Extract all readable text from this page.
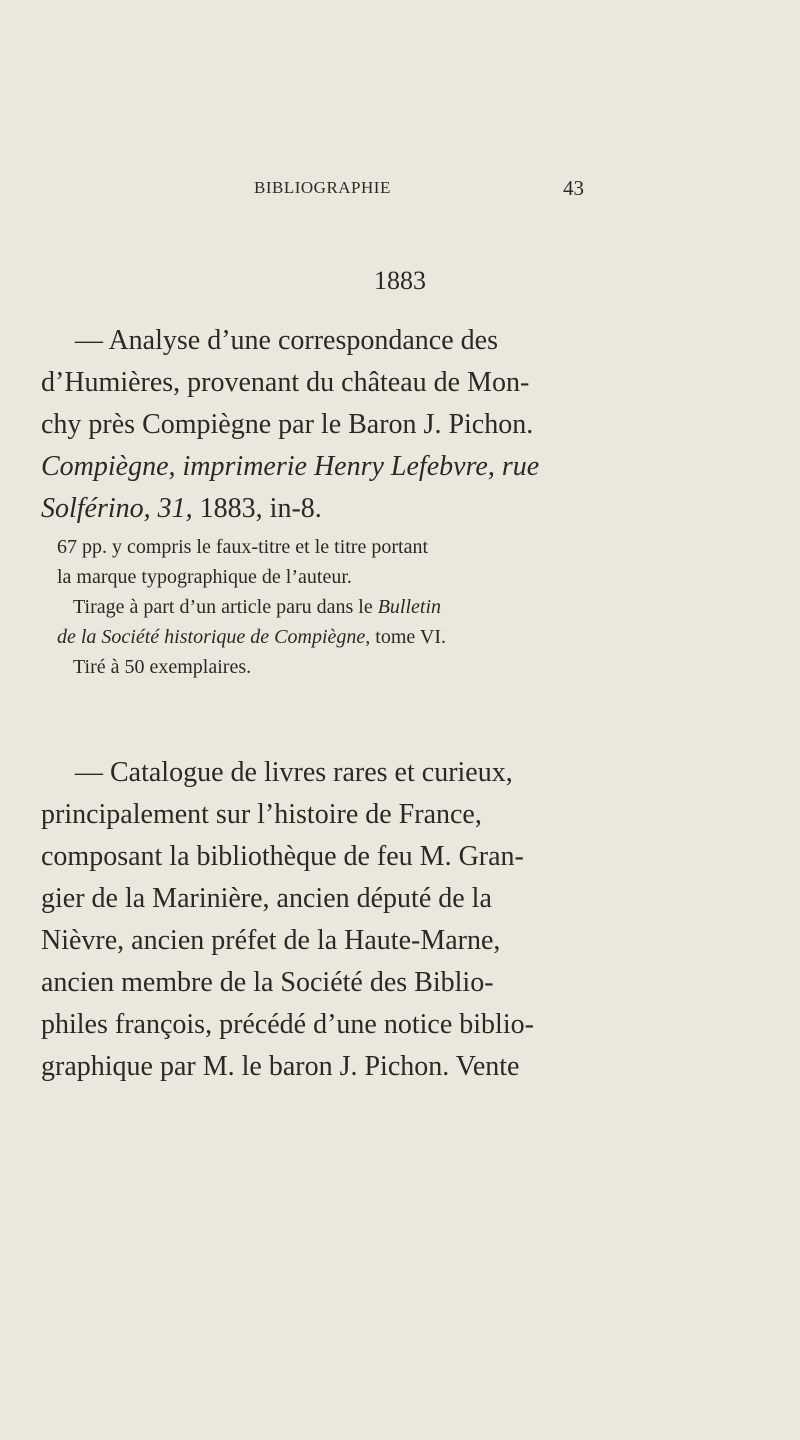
BIBLIOGRAPHIE	43
1883
— Analyse d’une correspondance des
d’Humières, provenant du château de Mon-
chy près Compiègne par le Baron J. Pichon.
Compiègne, imprimerie Henry Lefebvre, rue
Solférino, 31, 1883, in-8.
67 pp. y compris le faux-titre et le titre portant
la marque typographique de l’auteur.
Tirage à part d’un article paru dans le Bulletin
de la Société historique de Compiègne, tome VI.
Tiré à 50 exemplaires.
— Catalogue de livres rares et curieux,
principalement sur l’histoire de France,
composant la bibliothèque de feu M. Gran-
gier de la Marinière, ancien député de la
Nièvre, ancien préfet de la Haute-Marne,
ancien membre de la Société des Biblio-
philes françois, précédé d’une notice biblio-
graphique par M. le baron J. Pichon. Vente
